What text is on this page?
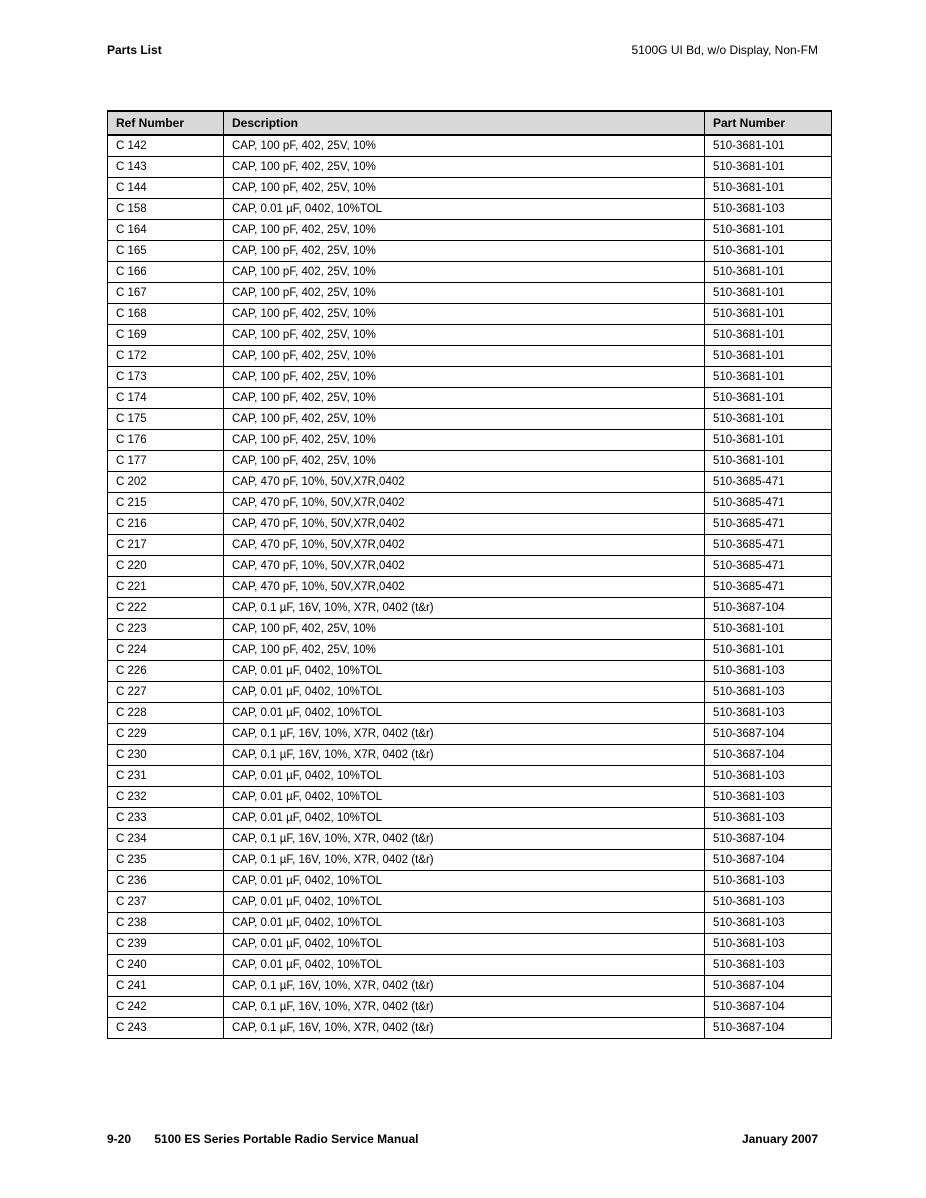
Parts List	5100G UI Bd, w/o Display, Non-FM
Ref Number	Description	Part Number
C 142	CAP, 100 pF, 402, 25V, 10%	510-3681-101
C 143	CAP, 100 pF, 402, 25V, 10%	510-3681-101
C 144	CAP, 100 pF, 402, 25V, 10%	510-3681-101
C 158	CAP, 0.01 µF, 0402, 10%TOL	510-3681-103
C 164	CAP, 100 pF, 402, 25V, 10%	510-3681-101
C 165	CAP, 100 pF, 402, 25V, 10%	510-3681-101
C 166	CAP, 100 pF, 402, 25V, 10%	510-3681-101
C 167	CAP, 100 pF, 402, 25V, 10%	510-3681-101
C 168	CAP, 100 pF, 402, 25V, 10%	510-3681-101
C 169	CAP, 100 pF, 402, 25V, 10%	510-3681-101
C 172	CAP, 100 pF, 402, 25V, 10%	510-3681-101
C 173	CAP, 100 pF, 402, 25V, 10%	510-3681-101
C 174	CAP, 100 pF, 402, 25V, 10%	510-3681-101
C 175	CAP, 100 pF, 402, 25V, 10%	510-3681-101
C 176	CAP, 100 pF, 402, 25V, 10%	510-3681-101
C 177	CAP, 100 pF, 402, 25V, 10%	510-3681-101
C 202	CAP, 470 pF, 10%, 50V,X7R,0402	510-3685-471
C 215	CAP, 470 pF, 10%, 50V,X7R,0402	510-3685-471
C 216	CAP, 470 pF, 10%, 50V,X7R,0402	510-3685-471
C 217	CAP, 470 pF, 10%, 50V,X7R,0402	510-3685-471
C 220	CAP, 470 pF, 10%, 50V,X7R,0402	510-3685-471
C 221	CAP, 470 pF, 10%, 50V,X7R,0402	510-3685-471
C 222	CAP, 0.1 µF, 16V, 10%, X7R, 0402 (t&r)	510-3687-104
C 223	CAP, 100 pF, 402, 25V, 10%	510-3681-101
C 224	CAP, 100 pF, 402, 25V, 10%	510-3681-101
C 226	CAP, 0.01 µF, 0402, 10%TOL	510-3681-103
C 227	CAP, 0.01 µF, 0402, 10%TOL	510-3681-103
C 228	CAP, 0.01 µF, 0402, 10%TOL	510-3681-103
C 229	CAP, 0.1 µF, 16V, 10%, X7R, 0402 (t&r)	510-3687-104
C 230	CAP, 0.1 µF, 16V, 10%, X7R, 0402 (t&r)	510-3687-104
C 231	CAP, 0.01 µF, 0402, 10%TOL	510-3681-103
C 232	CAP, 0.01 µF, 0402, 10%TOL	510-3681-103
C 233	CAP, 0.01 µF, 0402, 10%TOL	510-3681-103
C 234	CAP, 0.1 µF, 16V, 10%, X7R, 0402 (t&r)	510-3687-104
C 235	CAP, 0.1 µF, 16V, 10%, X7R, 0402 (t&r)	510-3687-104
C 236	CAP, 0.01 µF, 0402, 10%TOL	510-3681-103
C 237	CAP, 0.01 µF, 0402, 10%TOL	510-3681-103
C 238	CAP, 0.01 µF, 0402, 10%TOL	510-3681-103
C 239	CAP, 0.01 µF, 0402, 10%TOL	510-3681-103
C 240	CAP, 0.01 µF, 0402, 10%TOL	510-3681-103
C 241	CAP, 0.1 µF, 16V, 10%, X7R, 0402 (t&r)	510-3687-104
C 242	CAP, 0.1 µF, 16V, 10%, X7R, 0402 (t&r)	510-3687-104
C 243	CAP, 0.1 µF, 16V, 10%, X7R, 0402 (t&r)	510-3687-104
9-20 5100 ES Series Portable Radio Service Manual	January 2007
